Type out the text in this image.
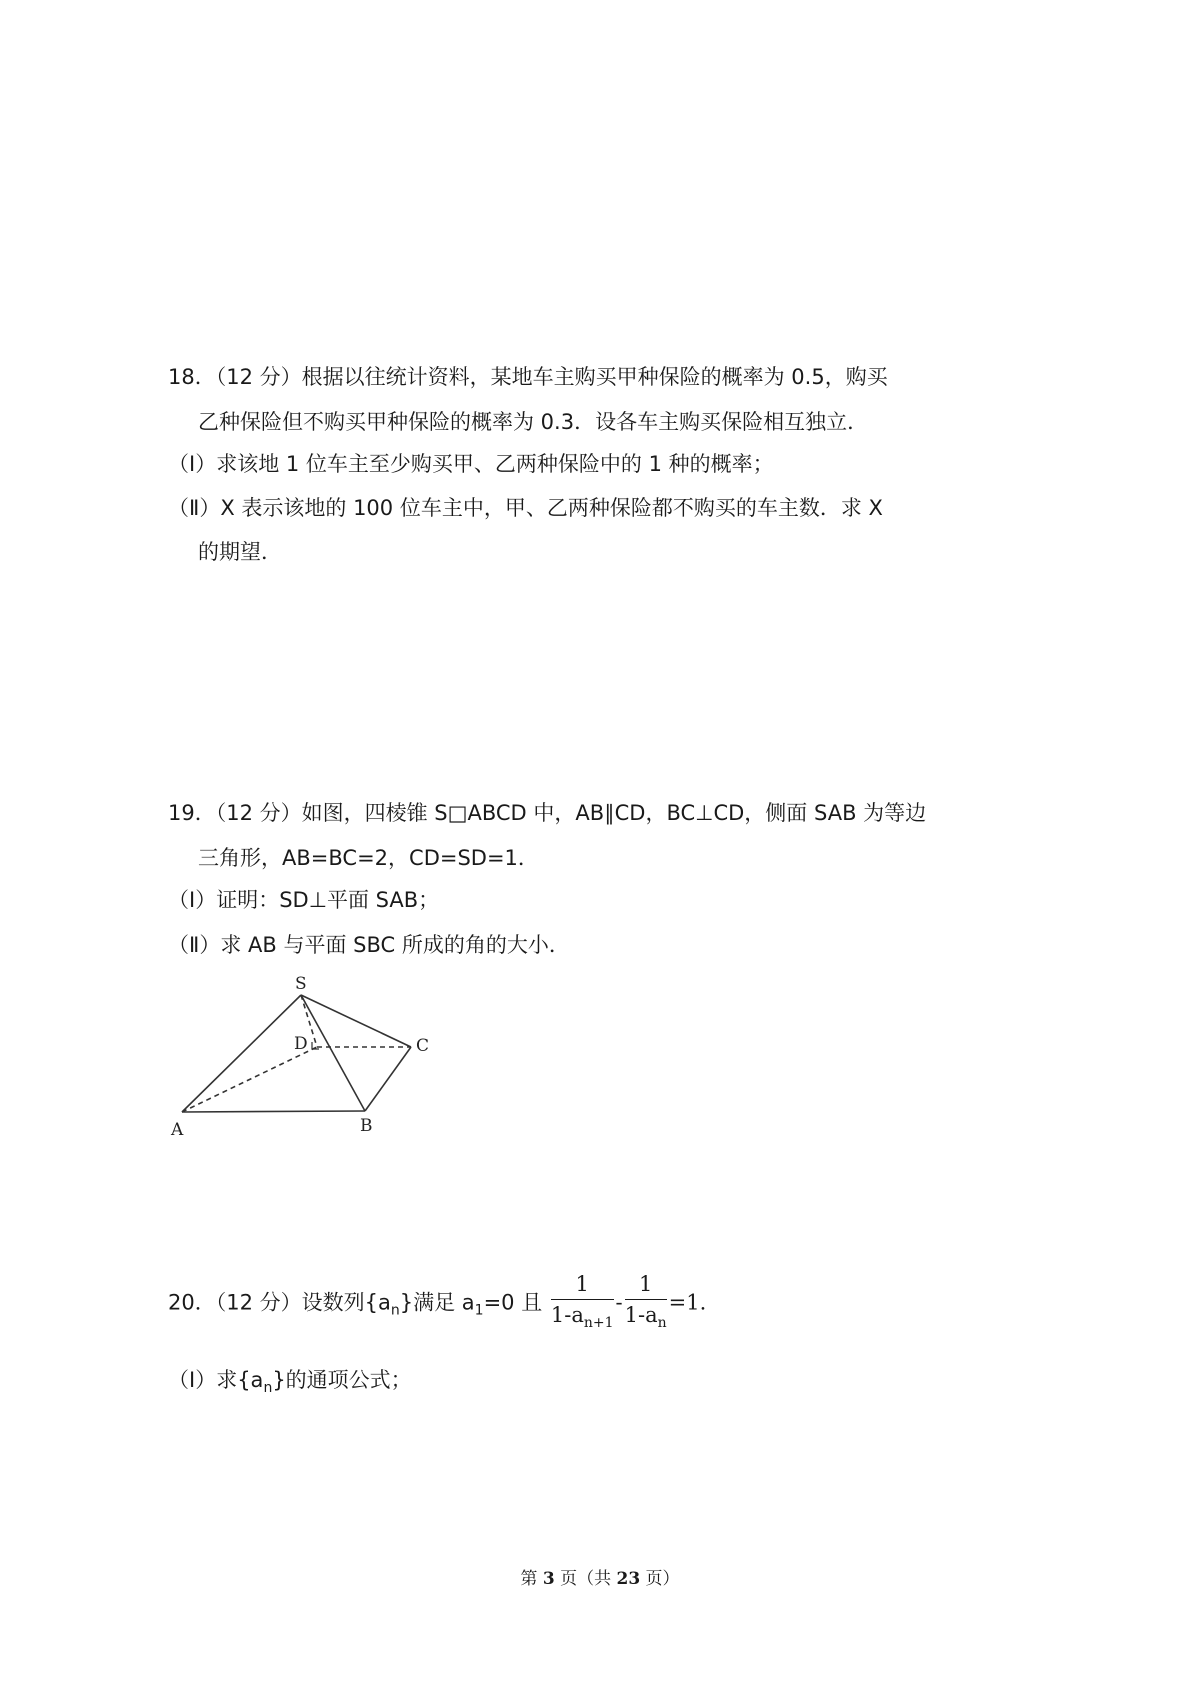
18．（12 分）根据以往统计资料，某地车主购买甲种保险的概率为 0.5，购买
乙种保险但不购买甲种保险的概率为 0.3．设各车主购买保险相互独立．
（Ⅰ）求该地 1 位车主至少购买甲、乙两种保险中的 1 种的概率；
（Ⅱ）X 表示该地的 100 位车主中，甲、乙两种保险都不购买的车主数．求 X
的期望．
19．（12 分）如图，四棱锥 S□ABCD 中，AB∥CD，BC⊥CD，侧面 SAB 为等边
三角形，AB=BC=2，CD=SD=1．
（Ⅰ）证明：SD⊥平面 SAB；
（Ⅱ）求 AB 与平面 SBC 所成的角的大小．
S
D	C
A	B
20．（12 分）设数列$\{a_n\}$满足 $a_1=0$ 且 $\frac{1}{1-a_{n+1}} - \frac{1}{1-a_n} =1$.
（Ⅰ）求$\{a_n\}$的通项公式；
第 3 页（共 23 页）
